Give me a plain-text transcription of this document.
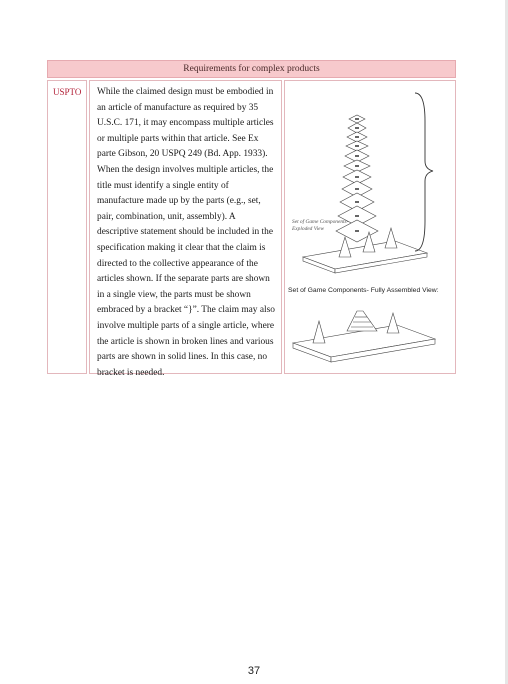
Requirements for complex products
USPTO	While the claimed design must be embodied in an article of manufacture as required by 35 U.S.C. 171, it may encompass multiple articles or multiple parts within that article. See Ex parte Gibson, 20 USPQ 249 (Bd. App. 1933). When the design involves multiple articles, the title must identify a single entity of manufacture made up by the parts (e.g., set, pair, combination, unit, assembly). A descriptive statement should be included in the specification making it clear that the claim is directed to the collective appearance of the articles shown. If the separate parts are shown in a single view, the parts must be shown embraced by a bracket “}”. The claim may also involve multiple parts of a single article, where the article is shown in broken lines and various parts are shown in solid lines. In this case, no bracket is needed.
Set of Game Components-
Exploded View
Set of Game Components- Fully Assembled View:
37
